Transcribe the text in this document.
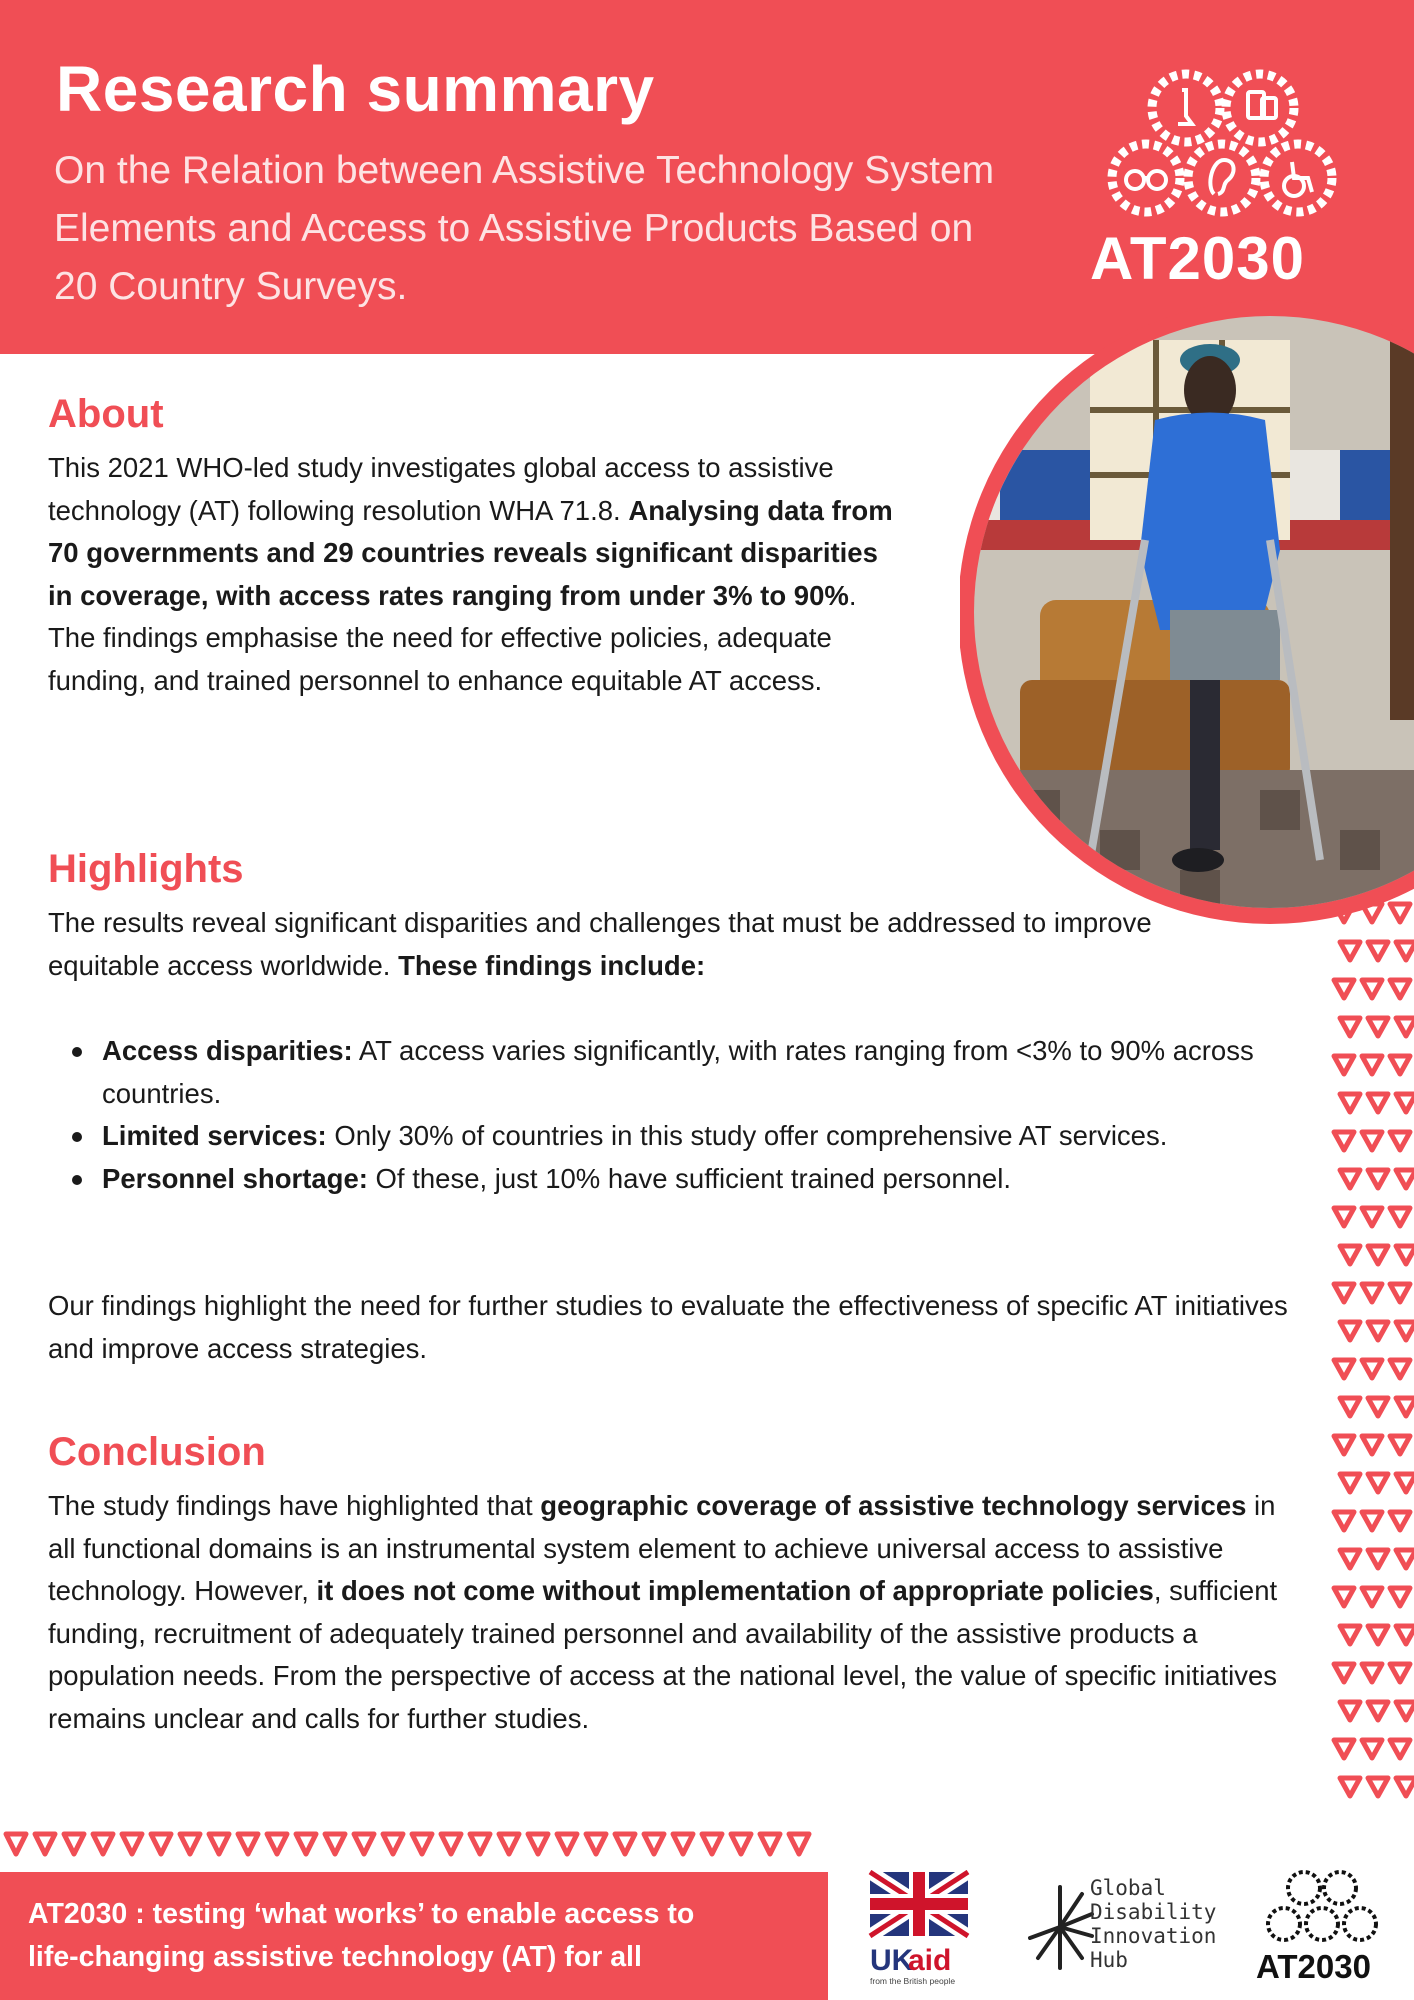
Research summary
On the Relation between Assistive Technology System Elements and Access to Assistive Products Based on 20 Country Surveys.	AT2030
About

This 2021 WHO-led study investigates global access to assistive technology (AT) following resolution WHA 71.8. Analysing data from 70 governments and 29 countries reveals significant disparities in coverage, with access rates ranging from under 3% to 90%. The findings emphasise the need for effective policies, adequate funding, and trained personnel to enhance equitable AT access.

Highlights

The results reveal significant disparities and challenges that must be addressed to improve equitable access worldwide. These findings include:

Access disparities: AT access varies significantly, with rates ranging from <3% to 90% across countries.
Limited services: Only 30% of countries in this study offer comprehensive AT services.
Personnel shortage: Of these, just 10% have sufficient trained personnel.

Our findings highlight the need for further studies to evaluate the effectiveness of specific AT initiatives and improve access strategies.

Conclusion

The study findings have highlighted that geographic coverage of assistive technology services in all functional domains is an instrumental system element to achieve universal access to assistive technology. However, it does not come without implementation of appropriate policies, sufficient funding, recruitment of adequately trained personnel and availability of the assistive products a population needs. From the perspective of access at the national level, the value of specific initiatives remains unclear and calls for further studies.

AT2030 : testing ‘what works’ to enable access to
life-changing assistive technology (AT) for all	UK
aid
from the British people
Global
Disability
Innovation
Hub	AT2030
